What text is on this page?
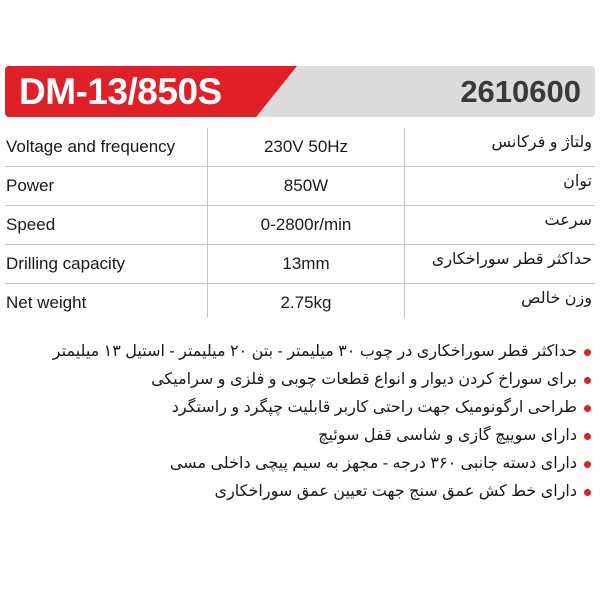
DM-13/850S	2610600
Voltage and frequency	230V 50Hz	ولتاژ و فرکانس
Power	850W	توان
Speed	0-2800r/min	سرعت
Drilling capacity	13mm	حداکثر قطر سوراخکاری
Net weight	2.75kg	وزن خالص
حداکثر قطر سوراخکاری در چوب ۳۰ میلیمتر - بتن ۲۰ میلیمتر - استیل ۱۳ میلیمتر
برای سوراخ کردن دیوار و انواع قطعات چوبی و فلزی و سرامیکی
طراحی ارگونومیک جهت راحتی کاربر قابلیت چپگرد و راستگرد
دارای سوییچ گازی و شاسی قفل سوئیچ
دارای دسته جانبی ۳۶۰ درجه - مجهز به سیم پیچی داخلی مسی
دارای خط کش عمق سنج جهت تعیین عمق سوراخکاری
